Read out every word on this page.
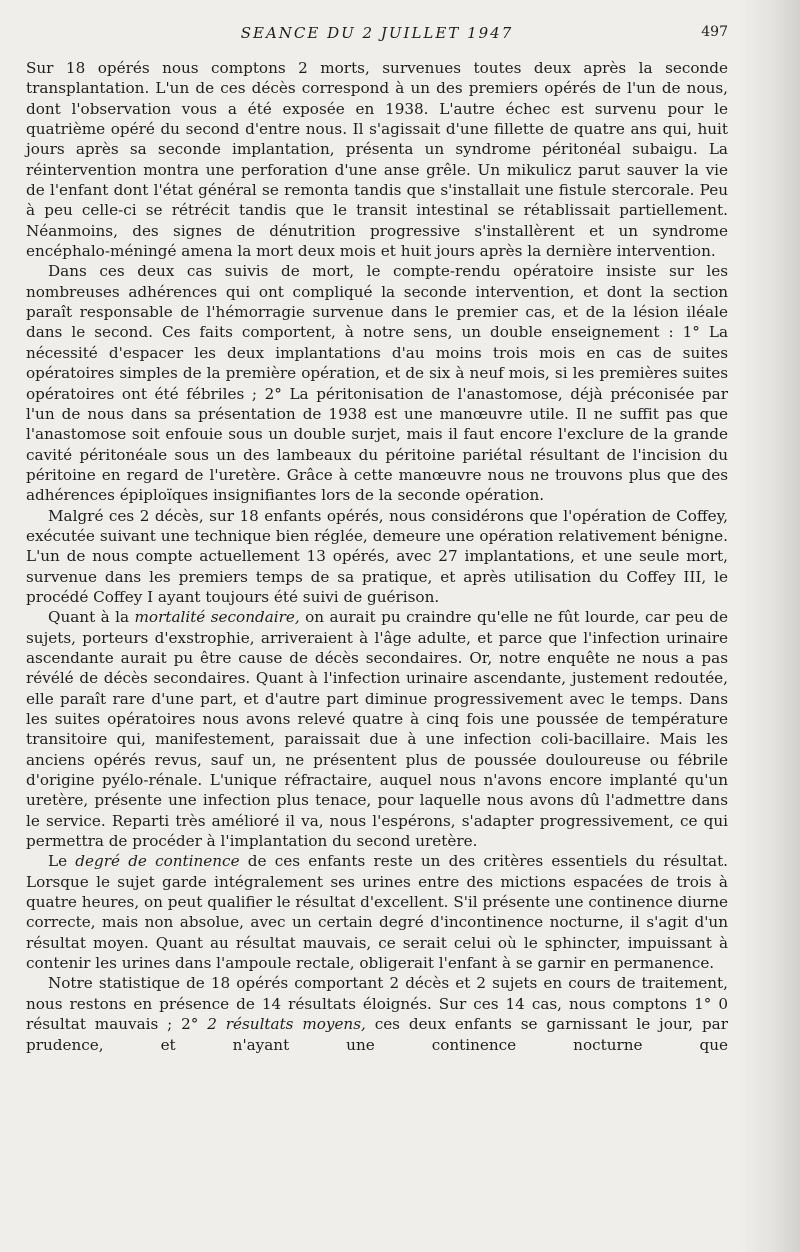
SEANCE DU 2 JUILLET 1947	497

Sur 18 opérés nous comptons 2 morts, survenues toutes deux après la seconde transplantation. L'un de ces décès correspond à un des premiers opérés de l'un de nous, dont l'observation vous a été exposée en 1938. L'autre échec est survenu pour le quatrième opéré du second d'entre nous. Il s'agissait d'une fillette de quatre ans qui, huit jours après sa seconde implantation, présenta un syndrome péritonéal subaigu. La réintervention montra une perforation d'une anse grêle. Un mikulicz parut sauver la vie de l'enfant dont l'état général se remonta tandis que s'installait une fistule stercorale. Peu à peu celle-ci se rétrécit tandis que le transit intestinal se rétablissait partiellement. Néanmoins, des signes de dénutrition progressive s'installèrent et un syndrome encéphalo-méningé amena la mort deux mois et huit jours après la dernière intervention.

Dans ces deux cas suivis de mort, le compte-rendu opératoire insiste sur les nombreuses adhérences qui ont compliqué la seconde intervention, et dont la section paraît responsable de l'hémorragie survenue dans le premier cas, et de la lésion iléale dans le second. Ces faits comportent, à notre sens, un double enseignement : 1° La nécessité d'espacer les deux implantations d'au moins trois mois en cas de suites opératoires simples de la première opération, et de six à neuf mois, si les premières suites opératoires ont été fébriles ; 2° La péritonisation de l'anastomose, déjà préconisée par l'un de nous dans sa présentation de 1938 est une manœuvre utile. Il ne suffit pas que l'anastomose soit enfouie sous un double surjet, mais il faut encore l'exclure de la grande cavité péritonéale sous un des lambeaux du péritoine pariétal résultant de l'incision du péritoine en regard de l'uretère. Grâce à cette manœuvre nous ne trouvons plus que des adhérences épiploïques insignifiantes lors de la seconde opération.

Malgré ces 2 décès, sur 18 enfants opérés, nous considérons que l'opération de Coffey, exécutée suivant une technique bien réglée, demeure une opération relativement bénigne. L'un de nous compte actuellement 13 opérés, avec 27 implantations, et une seule mort, survenue dans les premiers temps de sa pratique, et après utilisation du Coffey III, le procédé Coffey I ayant toujours été suivi de guérison.

Quant à la mortalité secondaire, on aurait pu craindre qu'elle ne fût lourde, car peu de sujets, porteurs d'exstrophie, arriveraient à l'âge adulte, et parce que l'infection urinaire ascendante aurait pu être cause de décès secondaires. Or, notre enquête ne nous a pas révélé de décès secondaires. Quant à l'infection urinaire ascendante, justement redoutée, elle paraît rare d'une part, et d'autre part diminue progressivement avec le temps. Dans les suites opératoires nous avons relevé quatre à cinq fois une poussée de température transitoire qui, manifestement, paraissait due à une infection coli-bacillaire. Mais les anciens opérés revus, sauf un, ne présentent plus de poussée douloureuse ou fébrile d'origine pyélo-rénale. L'unique réfractaire, auquel nous n'avons encore implanté qu'un uretère, présente une infection plus tenace, pour laquelle nous avons dû l'admettre dans le service. Reparti très amélioré il va, nous l'espérons, s'adapter progressivement, ce qui permettra de procéder à l'implantation du second uretère.

Le degré de continence de ces enfants reste un des critères essentiels du résultat. Lorsque le sujet garde intégralement ses urines entre des mictions espacées de trois à quatre heures, on peut qualifier le résultat d'excellent. S'il présente une continence diurne correcte, mais non absolue, avec un certain degré d'incontinence nocturne, il s'agit d'un résultat moyen. Quant au résultat mauvais, ce serait celui où le sphincter, impuissant à contenir les urines dans l'ampoule rectale, obligerait l'enfant à se garnir en permanence.

Notre statistique de 18 opérés comportant 2 décès et 2 sujets en cours de traitement, nous restons en présence de 14 résultats éloignés. Sur ces 14 cas, nous comptons 1° 0 résultat mauvais ; 2° 2 résultats moyens, ces deux enfants se garnissant le jour, par prudence, et n'ayant une continence nocturne que
